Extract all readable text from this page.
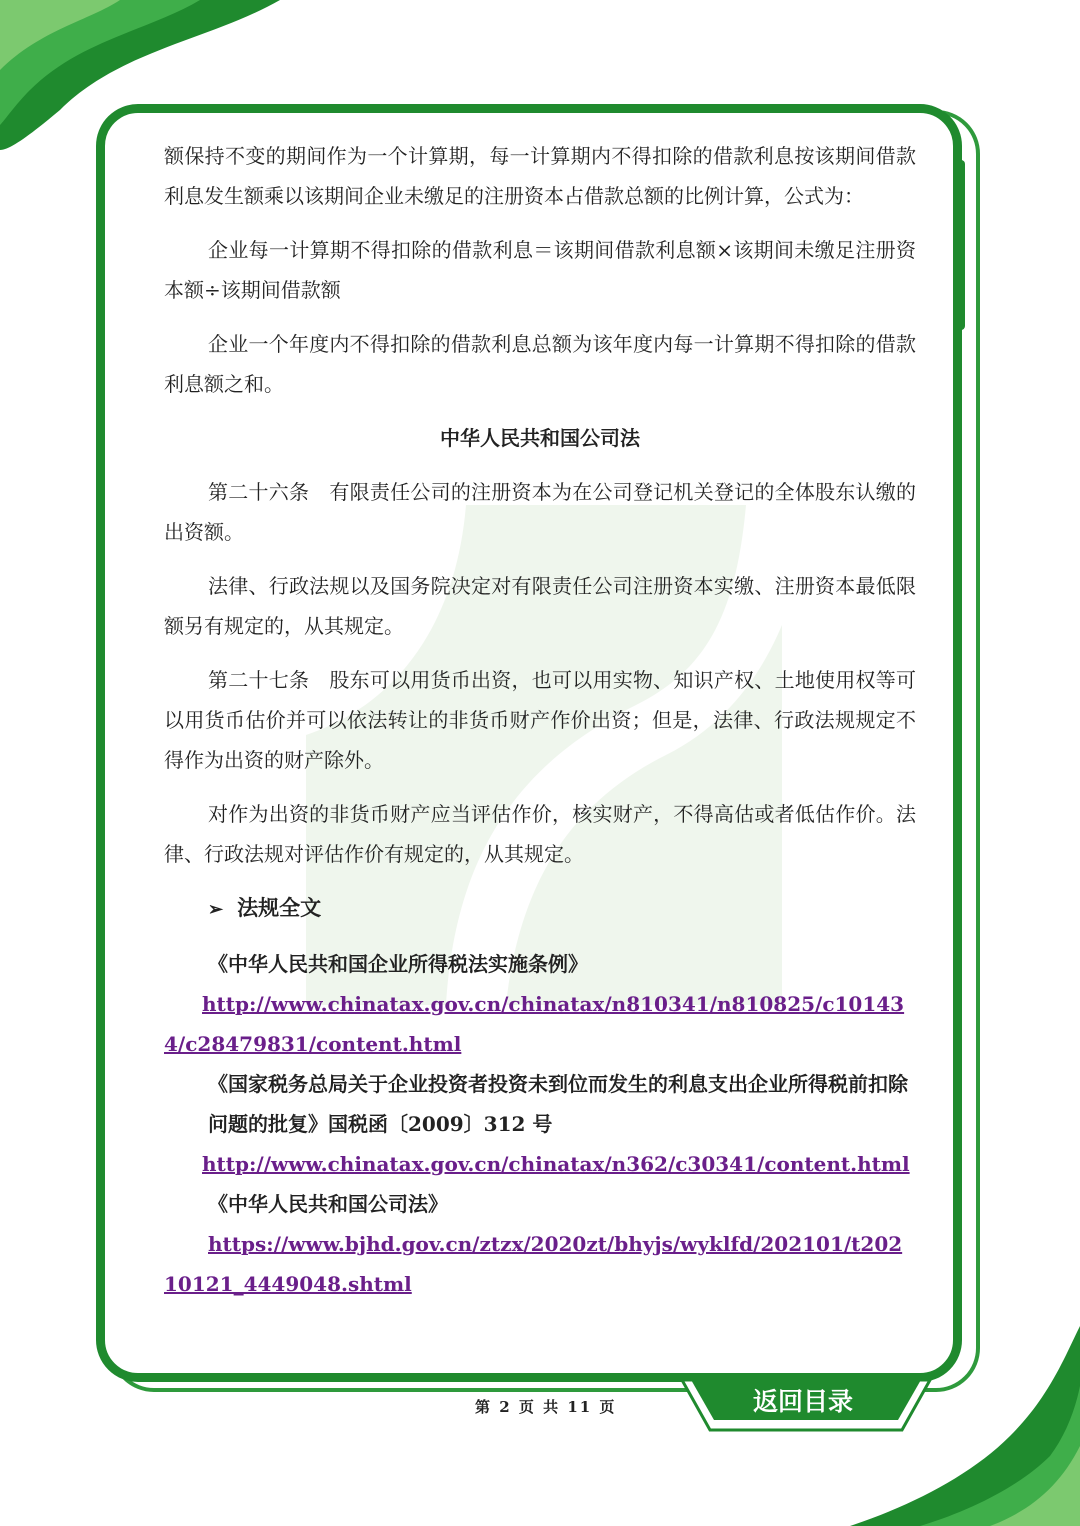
额保持不变的期间作为一个计算期，每一计算期内不得扣除的借款利息按该期间借款利息发生额乘以该期间企业未缴足的注册资本占借款总额的比例计算，公式为：

企业每一计算期不得扣除的借款利息＝该期间借款利息额×该期间未缴足注册资本额÷该期间借款额

企业一个年度内不得扣除的借款利息总额为该年度内每一计算期不得扣除的借款利息额之和。

中华人民共和国公司法

第二十六条　有限责任公司的注册资本为在公司登记机关登记的全体股东认缴的出资额。

法律、行政法规以及国务院决定对有限责任公司注册资本实缴、注册资本最低限额另有规定的，从其规定。

第二十七条　股东可以用货币出资，也可以用实物、知识产权、土地使用权等可以用货币估价并可以依法转让的非货币财产作价出资；但是，法律、行政法规规定不得作为出资的财产除外。

对作为出资的非货币财产应当评估作价，核实财产，不得高估或者低估作价。法律、行政法规对评估作价有规定的，从其规定。

➢ 法规全文

《中华人民共和国企业所得税法实施条例》

http://www.chinatax.gov.cn/chinatax/n810341/n810825/c101434/c28479831/content.html

《国家税务总局关于企业投资者投资未到位而发生的利息支出企业所得税前扣除问题的批复》国税函〔2009〕312 号

http://www.chinatax.gov.cn/chinatax/n362/c30341/content.html

《中华人民共和国公司法》

https://www.bjhd.gov.cn/ztzx/2020zt/bhyjs/wyklfd/202101/t20210121_4449048.shtml

第 2 页 共 11 页	返回目录
